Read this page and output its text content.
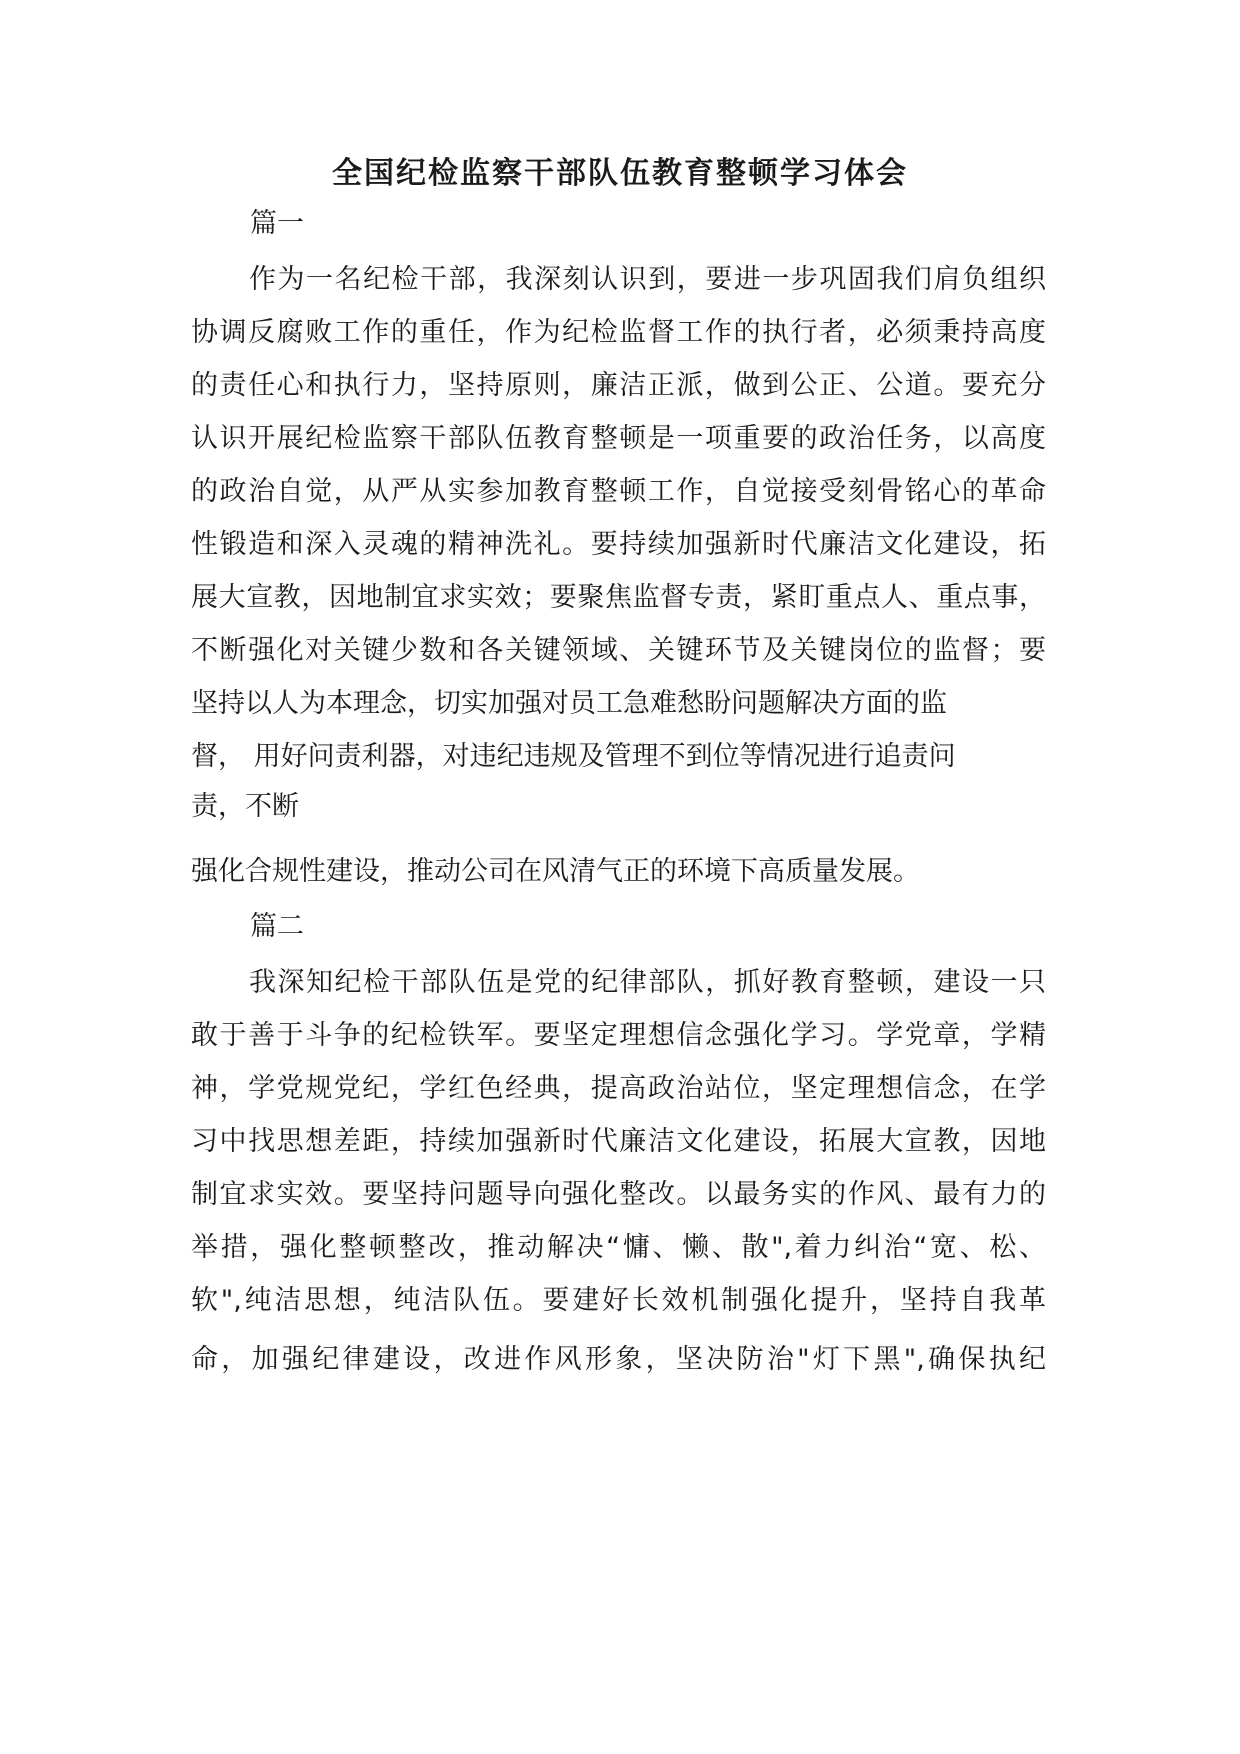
全国纪检监察干部队伍教育整顿学习体会
篇一
作为一名纪检干部，我深刻认识到，要进一步巩固我们肩负组织
协调反腐败工作的重任，作为纪检监督工作的执行者，必须秉持高度
的责任心和执行力，坚持原则，廉洁正派，做到公正、公道。要充分
认识开展纪检监察干部队伍教育整顿是一项重要的政治任务，以高度
的政治自觉，从严从实参加教育整顿工作，自觉接受刻骨铭心的革命
性锻造和深入灵魂的精神洗礼。要持续加强新时代廉洁文化建设，拓
展大宣教，因地制宜求实效；要聚焦监督专责，紧盯重点人、重点事，
不断强化对关键少数和各关键领域、关键环节及关键岗位的监督；要
坚持以人为本理念，切实加强对员工急难愁盼问题解决方面的监
督， 用好问责利器，对违纪违规及管理不到位等情况进行追责问
责，不断
强化合规性建设，推动公司在风清气正的环境下高质量发展。
篇二
我深知纪检干部队伍是党的纪律部队，抓好教育整顿，建设一只
敢于善于斗争的纪检铁军。要坚定理想信念强化学习。学党章，学精
神，学党规党纪，学红色经典，提高政治站位，坚定理想信念，在学
习中找思想差距，持续加强新时代廉洁文化建设，拓展大宣教，因地
制宜求实效。要坚持问题导向强化整改。以最务实的作风、最有力的
举措，强化整顿整改，推动解决“慵、懒、散",着力纠治“宽、松、
软",纯洁思想，纯洁队伍。要建好长效机制强化提升，坚持自我革
命，加强纪律建设，改进作风形象，坚决防治"灯下黑",确保执纪
